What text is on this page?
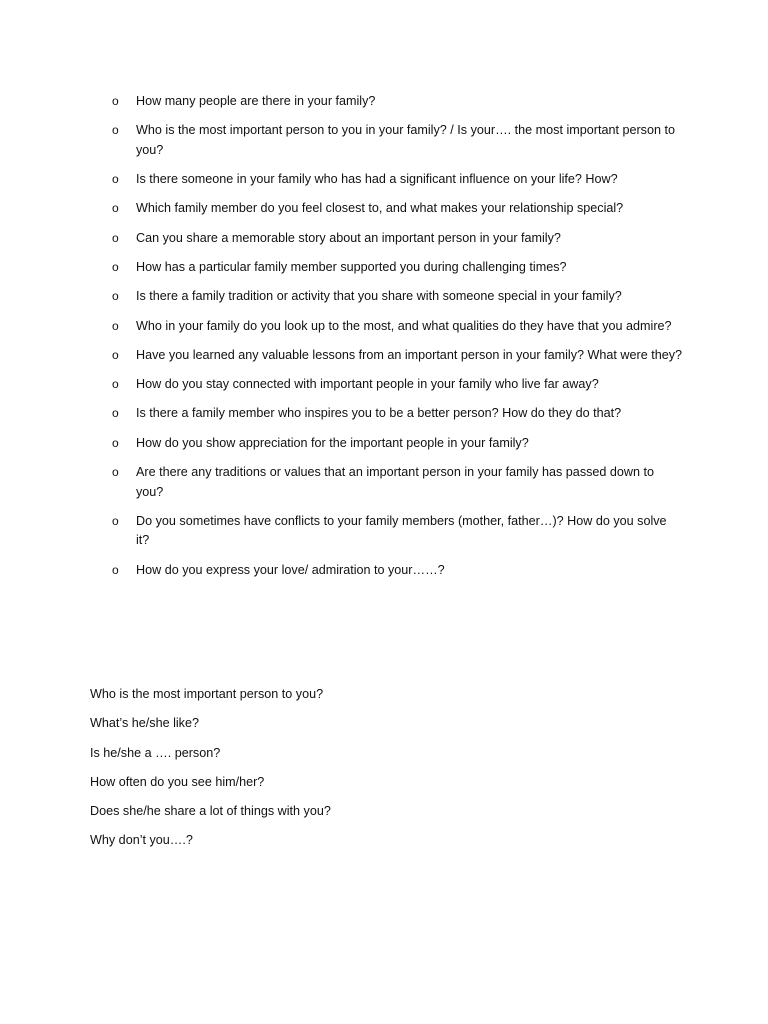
o How many people are there in your family?
o Who is the most important person to you in your family? / Is your…. the most important person to you?
o Is there someone in your family who has had a significant influence on your life? How?
o Which family member do you feel closest to, and what makes your relationship special?
o Can you share a memorable story about an important person in your family?
o How has a particular family member supported you during challenging times?
o Is there a family tradition or activity that you share with someone special in your family?
o Who in your family do you look up to the most, and what qualities do they have that you admire?
o Have you learned any valuable lessons from an important person in your family? What were they?
o How do you stay connected with important people in your family who live far away?
o Is there a family member who inspires you to be a better person? How do they do that?
o How do you show appreciation for the important people in your family?
o Are there any traditions or values that an important person in your family has passed down to you?
o Do you sometimes have conflicts to your family members (mother, father…)? How do you solve it?
o How do you express your love/ admiration to your……?
Who is the most important person to you?
What’s he/she like?
Is he/she a …. person?
How often do you see him/her?
Does she/he share a lot of things with you?
Why don’t you….?
